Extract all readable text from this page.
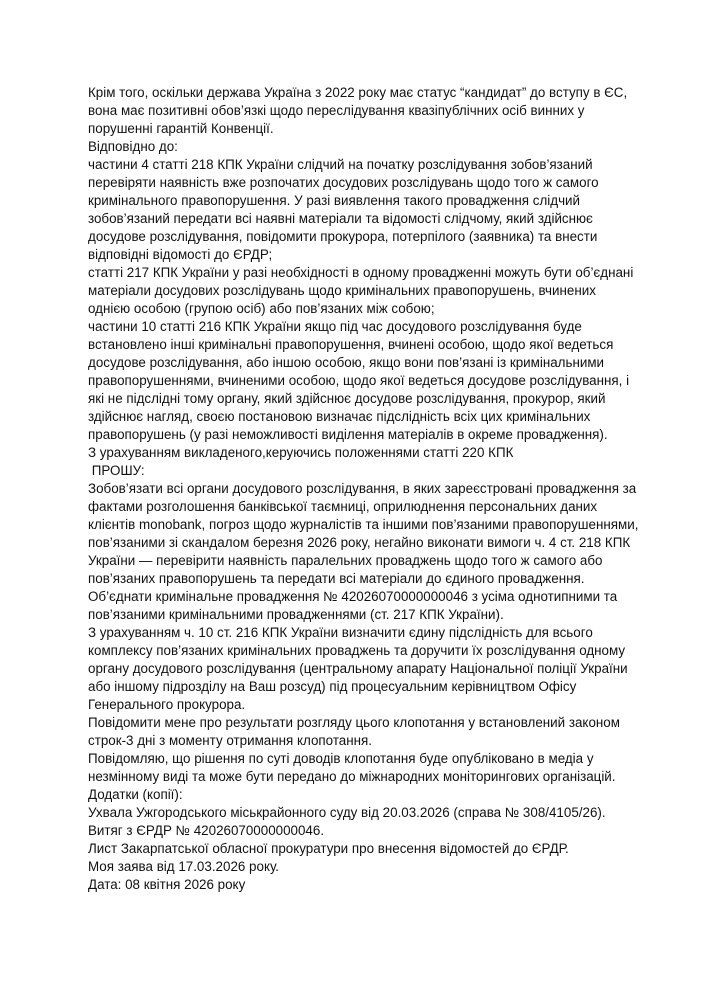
Крім того, оскільки держава Україна з 2022 року має статус “кандидат” до вступу в ЄС, вона має позитивні обов’язкі щодо переслідування квазіпублічних осіб винних у порушенні гарантій Конвенції.

Відповідно до:

частини 4 статті 218 КПК України слідчий на початку розслідування зобов’язаний перевіряти наявність вже розпочатих досудових розслідувань щодо того ж самого кримінального правопорушення. У разі виявлення такого провадження слідчий зобов’язаний передати всі наявні матеріали та відомості слідчому, який здійснює досудове розслідування, повідомити прокурора, потерпілого (заявника) та внести відповідні відомості до ЄРДР;

статті 217 КПК України у разі необхідності в одному провадженні можуть бути об’єднані матеріали досудових розслідувань щодо кримінальних правопорушень, вчинених однією особою (групою осіб) або пов’язаних між собою;

частини 10 статті 216 КПК України якщо під час досудового розслідування буде встановлено інші кримінальні правопорушення, вчинені особою, щодо якої ведеться досудове розслідування, або іншою особою, якщо вони пов’язані із кримінальними правопорушеннями, вчиненими особою, щодо якої ведеться досудове розслідування, і які не підслідні тому органу, який здійснює досудове розслідування, прокурор, який здійснює нагляд, своєю постановою визначає підслідність всіх цих кримінальних правопорушень (у разі неможливості виділення матеріалів в окреме провадження).

З урахуванням викладеного,керуючись положеннями статті 220 КПК

ПРОШУ:

Зобов’язати всі органи досудового розслідування, в яких зареєстровані провадження за фактами розголошення банківської таємниці, оприлюднення персональних даних клієнтів monobank, погроз щодо журналістів та іншими пов’язаними правопорушеннями, пов’язаними зі скандалом березня 2026 року, негайно виконати вимоги ч. 4 ст. 218 КПК України — перевірити наявність паралельних проваджень щодо того ж самого або пов’язаних правопорушень та передати всі матеріали до єдиного провадження.

Об’єднати кримінальне провадження № 42026070000000046 з усіма однотипними та пов’язаними кримінальними провадженнями (ст. 217 КПК України).

З урахуванням ч. 10 ст. 216 КПК України визначити єдину підслідність для всього комплексу пов’язаних кримінальних проваджень та доручити їх розслідування одному органу досудового розслідування (центральному апарату Національної поліції України або іншому підрозділу на Ваш розсуд) під процесуальним керівництвом Офісу Генерального прокурора.

Повідомити мене про результати розгляду цього клопотання у встановлений законом строк-3 дні з моменту отримання клопотання.

Повідомляю, що рішення по суті доводів клопотання буде опубліковано в медіа у незмінному виді та може бути передано до міжнародних моніторингових організацій.

Додатки (копії):

Ухвала Ужгородського міськрайонного суду від 20.03.2026 (справа № 308/4105/26).

Витяг з ЄРДР № 42026070000000046.

Лист Закарпатської обласної прокуратури про внесення відомостей до ЄРДР.

Моя заява від 17.03.2026 року.

Дата: 08 квітня 2026 року
